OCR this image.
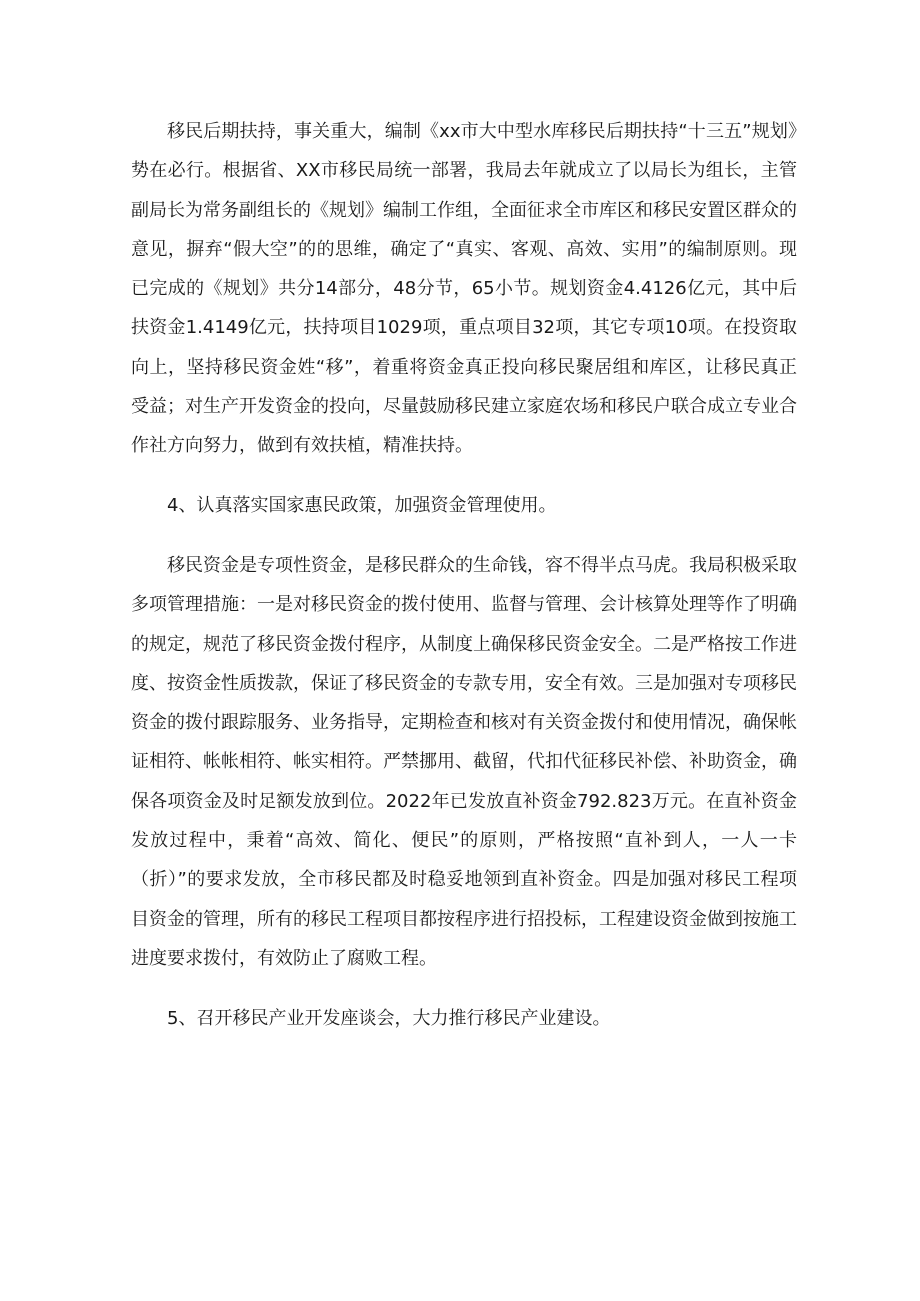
移民后期扶持，事关重大，编制《xx市大中型水库移民后期扶持“十三五”规划》势在必行。根据省、XX市移民局统一部署，我局去年就成立了以局长为组长，主管副局长为常务副组长的《规划》编制工作组，全面征求全市库区和移民安置区群众的意见，摒弃“假大空”的的思维，确定了“真实、客观、高效、实用”的编制原则。现已完成的《规划》共分14部分，48分节，65小节。规划资金4.4126亿元，其中后扶资金1.4149亿元，扶持项目1029项，重点项目32项，其它专项10项。在投资取向上，坚持移民资金姓“移”，着重将资金真正投向移民聚居组和库区，让移民真正受益；对生产开发资金的投向，尽量鼓励移民建立家庭农场和移民户联合成立专业合作社方向努力，做到有效扶植，精准扶持。

4、认真落实国家惠民政策，加强资金管理使用。

移民资金是专项性资金，是移民群众的生命钱，容不得半点马虎。我局积极采取多项管理措施：一是对移民资金的拨付使用、监督与管理、会计核算处理等作了明确的规定，规范了移民资金拨付程序，从制度上确保移民资金安全。二是严格按工作进度、按资金性质拨款，保证了移民资金的专款专用，安全有效。三是加强对专项移民资金的拨付跟踪服务、业务指导，定期检查和核对有关资金拨付和使用情况，确保帐证相符、帐帐相符、帐实相符。严禁挪用、截留，代扣代征移民补偿、补助资金，确保各项资金及时足额发放到位。2022年已发放直补资金792.823万元。在直补资金发放过程中，秉着“高效、简化、便民”的原则，严格按照“直补到人，一人一卡（折）”的要求发放，全市移民都及时稳妥地领到直补资金。四是加强对移民工程项目资金的管理，所有的移民工程项目都按程序进行招投标，工程建设资金做到按施工进度要求拨付，有效防止了腐败工程。

5、召开移民产业开发座谈会，大力推行移民产业建设。
